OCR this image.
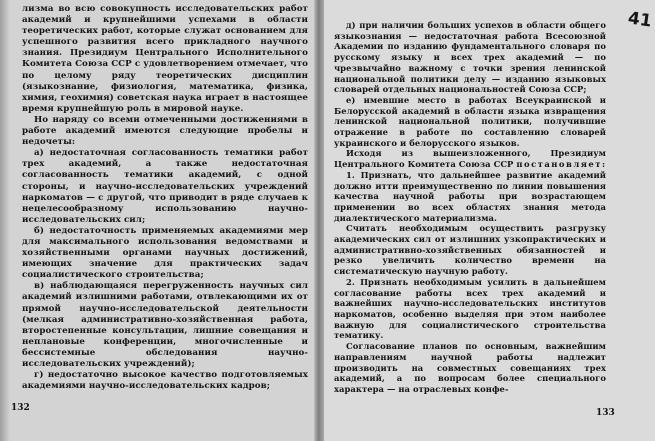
лизма во всю совокупность исследовательских работ академий и крупнейшими успехами в области теоретических работ, которые служат основанием для успешного развития всего прикладного научного знания. Президиум Центрального Исполнительного Комитета Союза ССР с удовлетворением отмечает, что по целому ряду теоретических дисциплин (языкознание, физиология, математика, физика, химия, геохимия) советская наука играет в настоящее время крупнейшую роль в мировой науке.

Но наряду со всеми отмеченными достижениями в работе академий имеются следующие пробелы и недочеты:

а) недостаточная согласованность тематики работ трех академий, а также недостаточная согласованность тематики академий, с одной стороны, и научно-исследовательских учреждений наркоматов — с другой, что приводит в ряде случаев к нецелесообразному использованию научно-исследовательских сил;

б) недостаточность применяемых академиями мер для максимального использования ведомствами и хозяйственными органами научных достижений, имеющих значение для практических задач социалистического строительства;

в) наблюдающаяся перегруженность научных сил академий излишними работами, отвлекающими их от прямой научно-исследовательской деятельности (мелкая административно-хозяйственная работа, второстепенные консультации, лишние совещания и неплановые конференции, многочисленные и бессистемные обследования научно-исследовательских учреждений);

г) недостаточно высокое качество подготовляемых академиями научно-исследовательских кадров;

д) при наличии больших успехов в области общего языкознания — недостаточная работа Всесоюзной Академии по изданию фундаментального словаря по русскому языку и всех трех академий — по чрезвычайно важному с точки зрения ленинской национальной политики делу — изданию языковых словарей отдельных национальностей Союза ССР;

е) имевшие место в работах Всеукраинской и Белорусской академий в области языка извращения ленинской национальной политики, получившие отражение в работе по составлению словарей украинского и белорусского языков.

Исходя из вышеизложенного, Президиум Центрального Комитета Союза ССР постановляет:

1. Признать, что дальнейшее развитие академий должно итти преимущественно по линии повышения качества научной работы при возрастающем применении во всех областях знания метода диалектического материализма.

Считать необходимым осуществить разгрузку академических сил от излишних узкопрактических и административно-хозяйственных обязанностей и резко увеличить количество времени на систематическую научную работу.

2. Признать необходимым усилить в дальнейшем согласование работы всех трех академий и важнейших научно-исследовательских институтов наркоматов, особенно выделяя при этом наиболее важную для социалистического строительства тематику.

Согласование планов по основным, важнейшим направлениям научной работы надлежит производить на совместных совещаниях трех академий, а по вопросам более специального характера — на отраслевых конфе-

132	133
41
